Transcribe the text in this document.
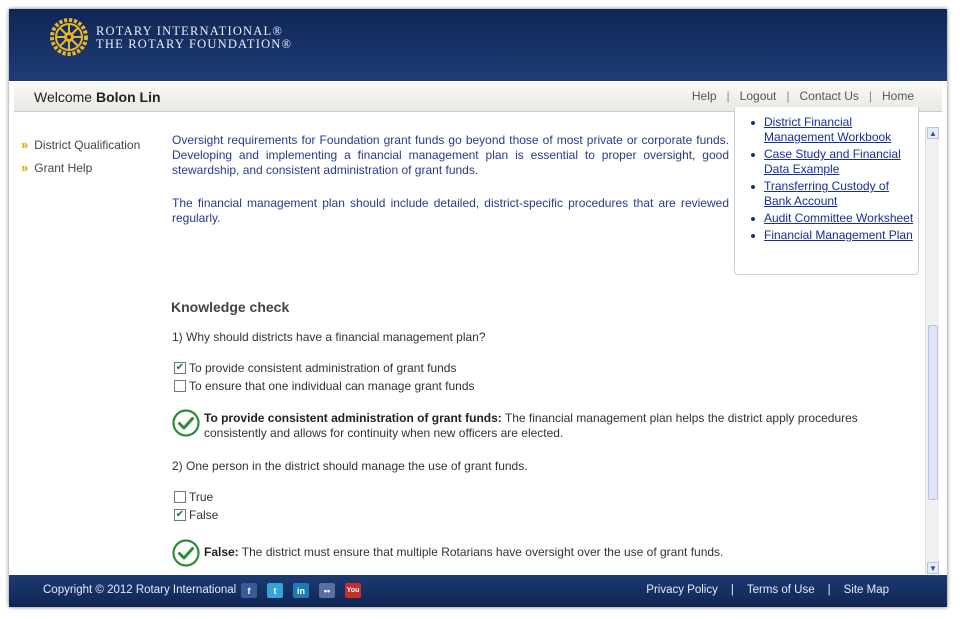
ROTARY INTERNATIONAL®
THE ROTARY FOUNDATION®
Welcome Bolon Lin	Help | Logout | Contact Us | Home
» District Qualification
» Grant Help

Oversight requirements for Foundation grant funds go beyond those of most private or corporate funds. Developing and implementing a financial management plan is essential to proper oversight, good stewardship, and consistent administration of grant funds.

The financial management plan should include detailed, district-specific procedures that are reviewed regularly.

District Financial Management Workbook
Case Study and Financial Data Example
Transferring Custody of Bank Account
Audit Committee Worksheet
Financial Management Plan
Knowledge check
1) Why should districts have a financial management plan?
✔ To provide consistent administration of grant funds
To ensure that one individual can manage grant funds
To provide consistent administration of grant funds: The financial management plan helps the district apply procedures consistently and allows for continuity when new officers are elected.
2) One person in the district should manage the use of grant funds.
True
✔ False
False: The district must ensure that multiple Rotarians have oversight over the use of grant funds.
▲
▼
Copyright © 2012 Rotary International	f	t	in	••	You	Privacy Policy | Terms of Use | Site Map
